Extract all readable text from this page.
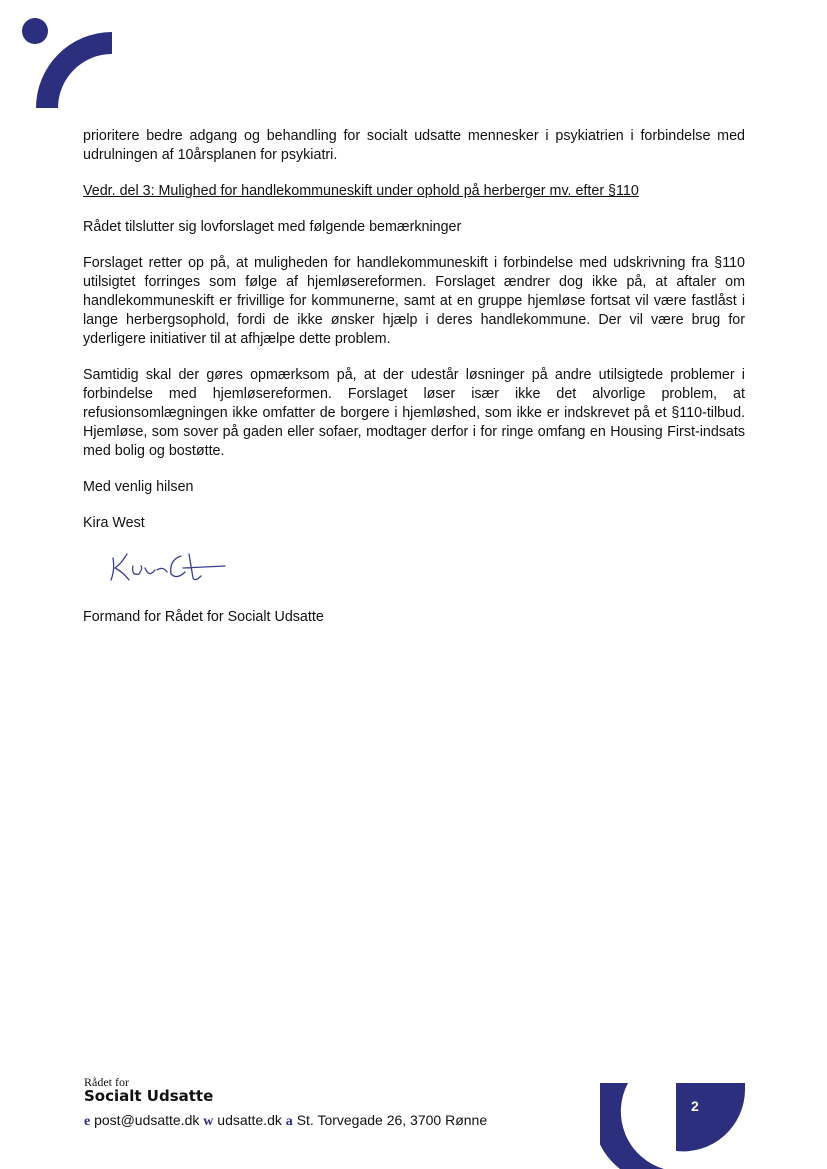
prioritere bedre adgang og behandling for socialt udsatte mennesker i psykiatrien i forbindelse med udrulningen af 10årsplanen for psykiatri.

Vedr. del 3: Mulighed for handlekommuneskift under ophold på herberger mv. efter §110

Rådet tilslutter sig lovforslaget med følgende bemærkninger

Forslaget retter op på, at muligheden for handlekommuneskift i forbindelse med udskrivning fra §110 utilsigtet forringes som følge af hjemløsereformen. Forslaget ændrer dog ikke på, at aftaler om handlekommuneskift er frivillige for kommunerne, samt at en gruppe hjemløse fortsat vil være fastlåst i lange herbergsophold, fordi de ikke ønsker hjælp i deres handlekommune. Der vil være brug for yderligere initiativer til at afhjælpe dette problem.

Samtidig skal der gøres opmærksom på, at der udestår løsninger på andre utilsigtede problemer i forbindelse med hjemløsereformen. Forslaget løser især ikke det alvorlige problem, at refusionsomlægningen ikke omfatter de borgere i hjemløshed, som ikke er indskrevet på et §110-tilbud. Hjemløse, som sover på gaden eller sofaer, modtager derfor i for ringe omfang en Housing First-indsats med bolig og bostøtte.

Med venlig hilsen

Kira West

Formand for Rådet for Socialt Udsatte

Rådet for
Socialt Udsatte
e post@udsatte.dk w udsatte.dk a St. Torvegade 26, 3700 Rønne
2
